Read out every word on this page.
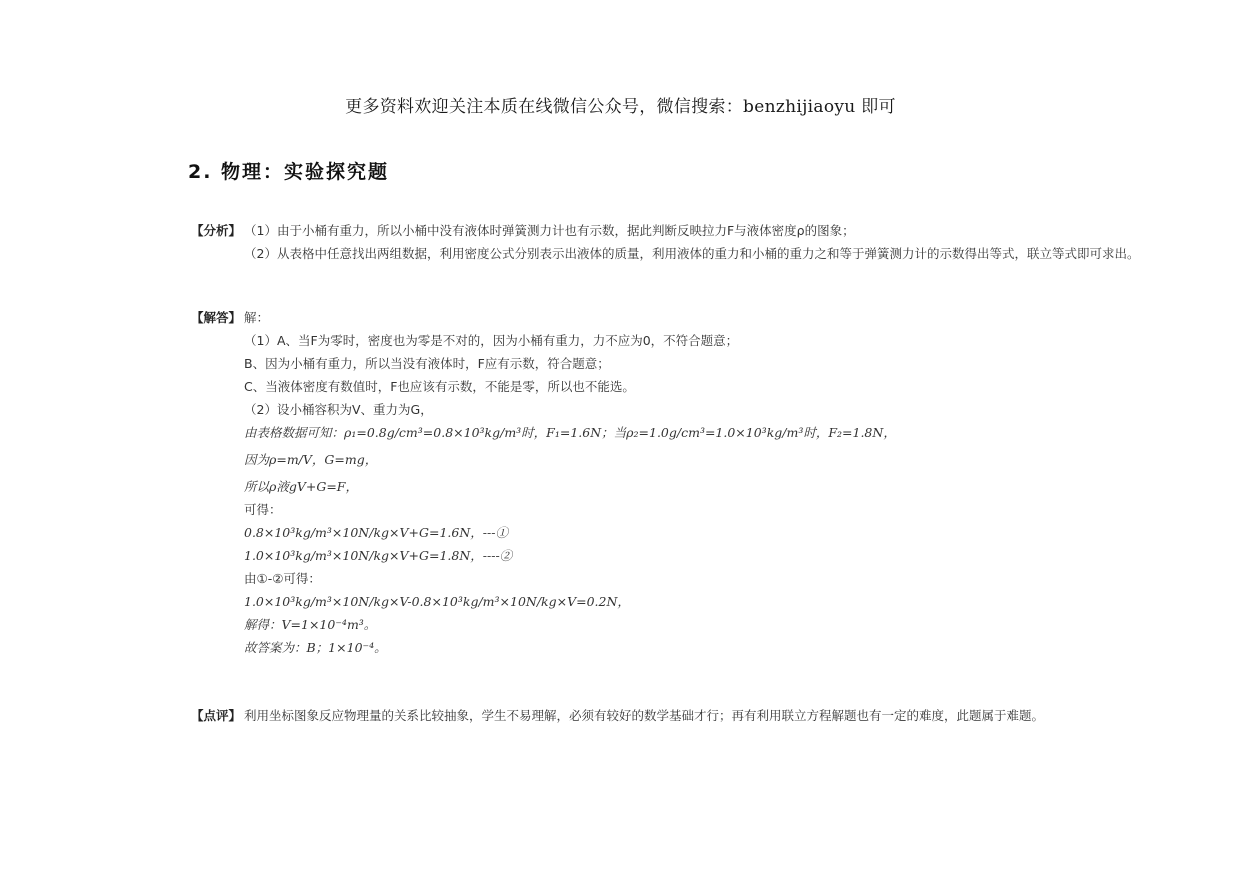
更多资料欢迎关注本质在线微信公众号，微信搜索：benzhijiaoyu 即可
2. 物理：实验探究题
【分析】 （1）由于小桶有重力，所以小桶中没有液体时弹簧测力计也有示数，据此判断反映拉力F与液体密度ρ的图象；
（2）从表格中任意找出两组数据，利用密度公式分别表示出液体的质量，利用液体的重力和小桶的重力之和等于弹簧测力计的示数得出等式，联立等式即可求出。
【解答】 解：
（1）A、当F为零时，密度也为零是不对的，因为小桶有重力，力不应为0，不符合题意；
B、因为小桶有重力，所以当没有液体时，F应有示数，符合题意；
C、当液体密度有数值时，F也应该有示数，不能是零，所以也不能选。
（2）设小桶容积为V、重力为G，
由表格数据可知：ρ₁=0.8g/cm³=0.8×10³kg/m³时，F₁=1.6N；当ρ₂=1.0g/cm³=1.0×10³kg/m³时，F₂=1.8N，
因为ρ=m/V，G=mg，
所以ρ液gV+G=F，
可得：
0.8×10³kg/m³×10N/kg×V+G=1.6N，---①
1.0×10³kg/m³×10N/kg×V+G=1.8N，----②
由①-②可得：
1.0×10³kg/m³×10N/kg×V-0.8×10³kg/m³×10N/kg×V=0.2N，
解得：V=1×10⁻⁴m³。
故答案为：B；1×10⁻⁴。
【点评】 利用坐标图象反应物理量的关系比较抽象，学生不易理解，必须有较好的数学基础才行；再有利用联立方程解题也有一定的难度，此题属于难题。
